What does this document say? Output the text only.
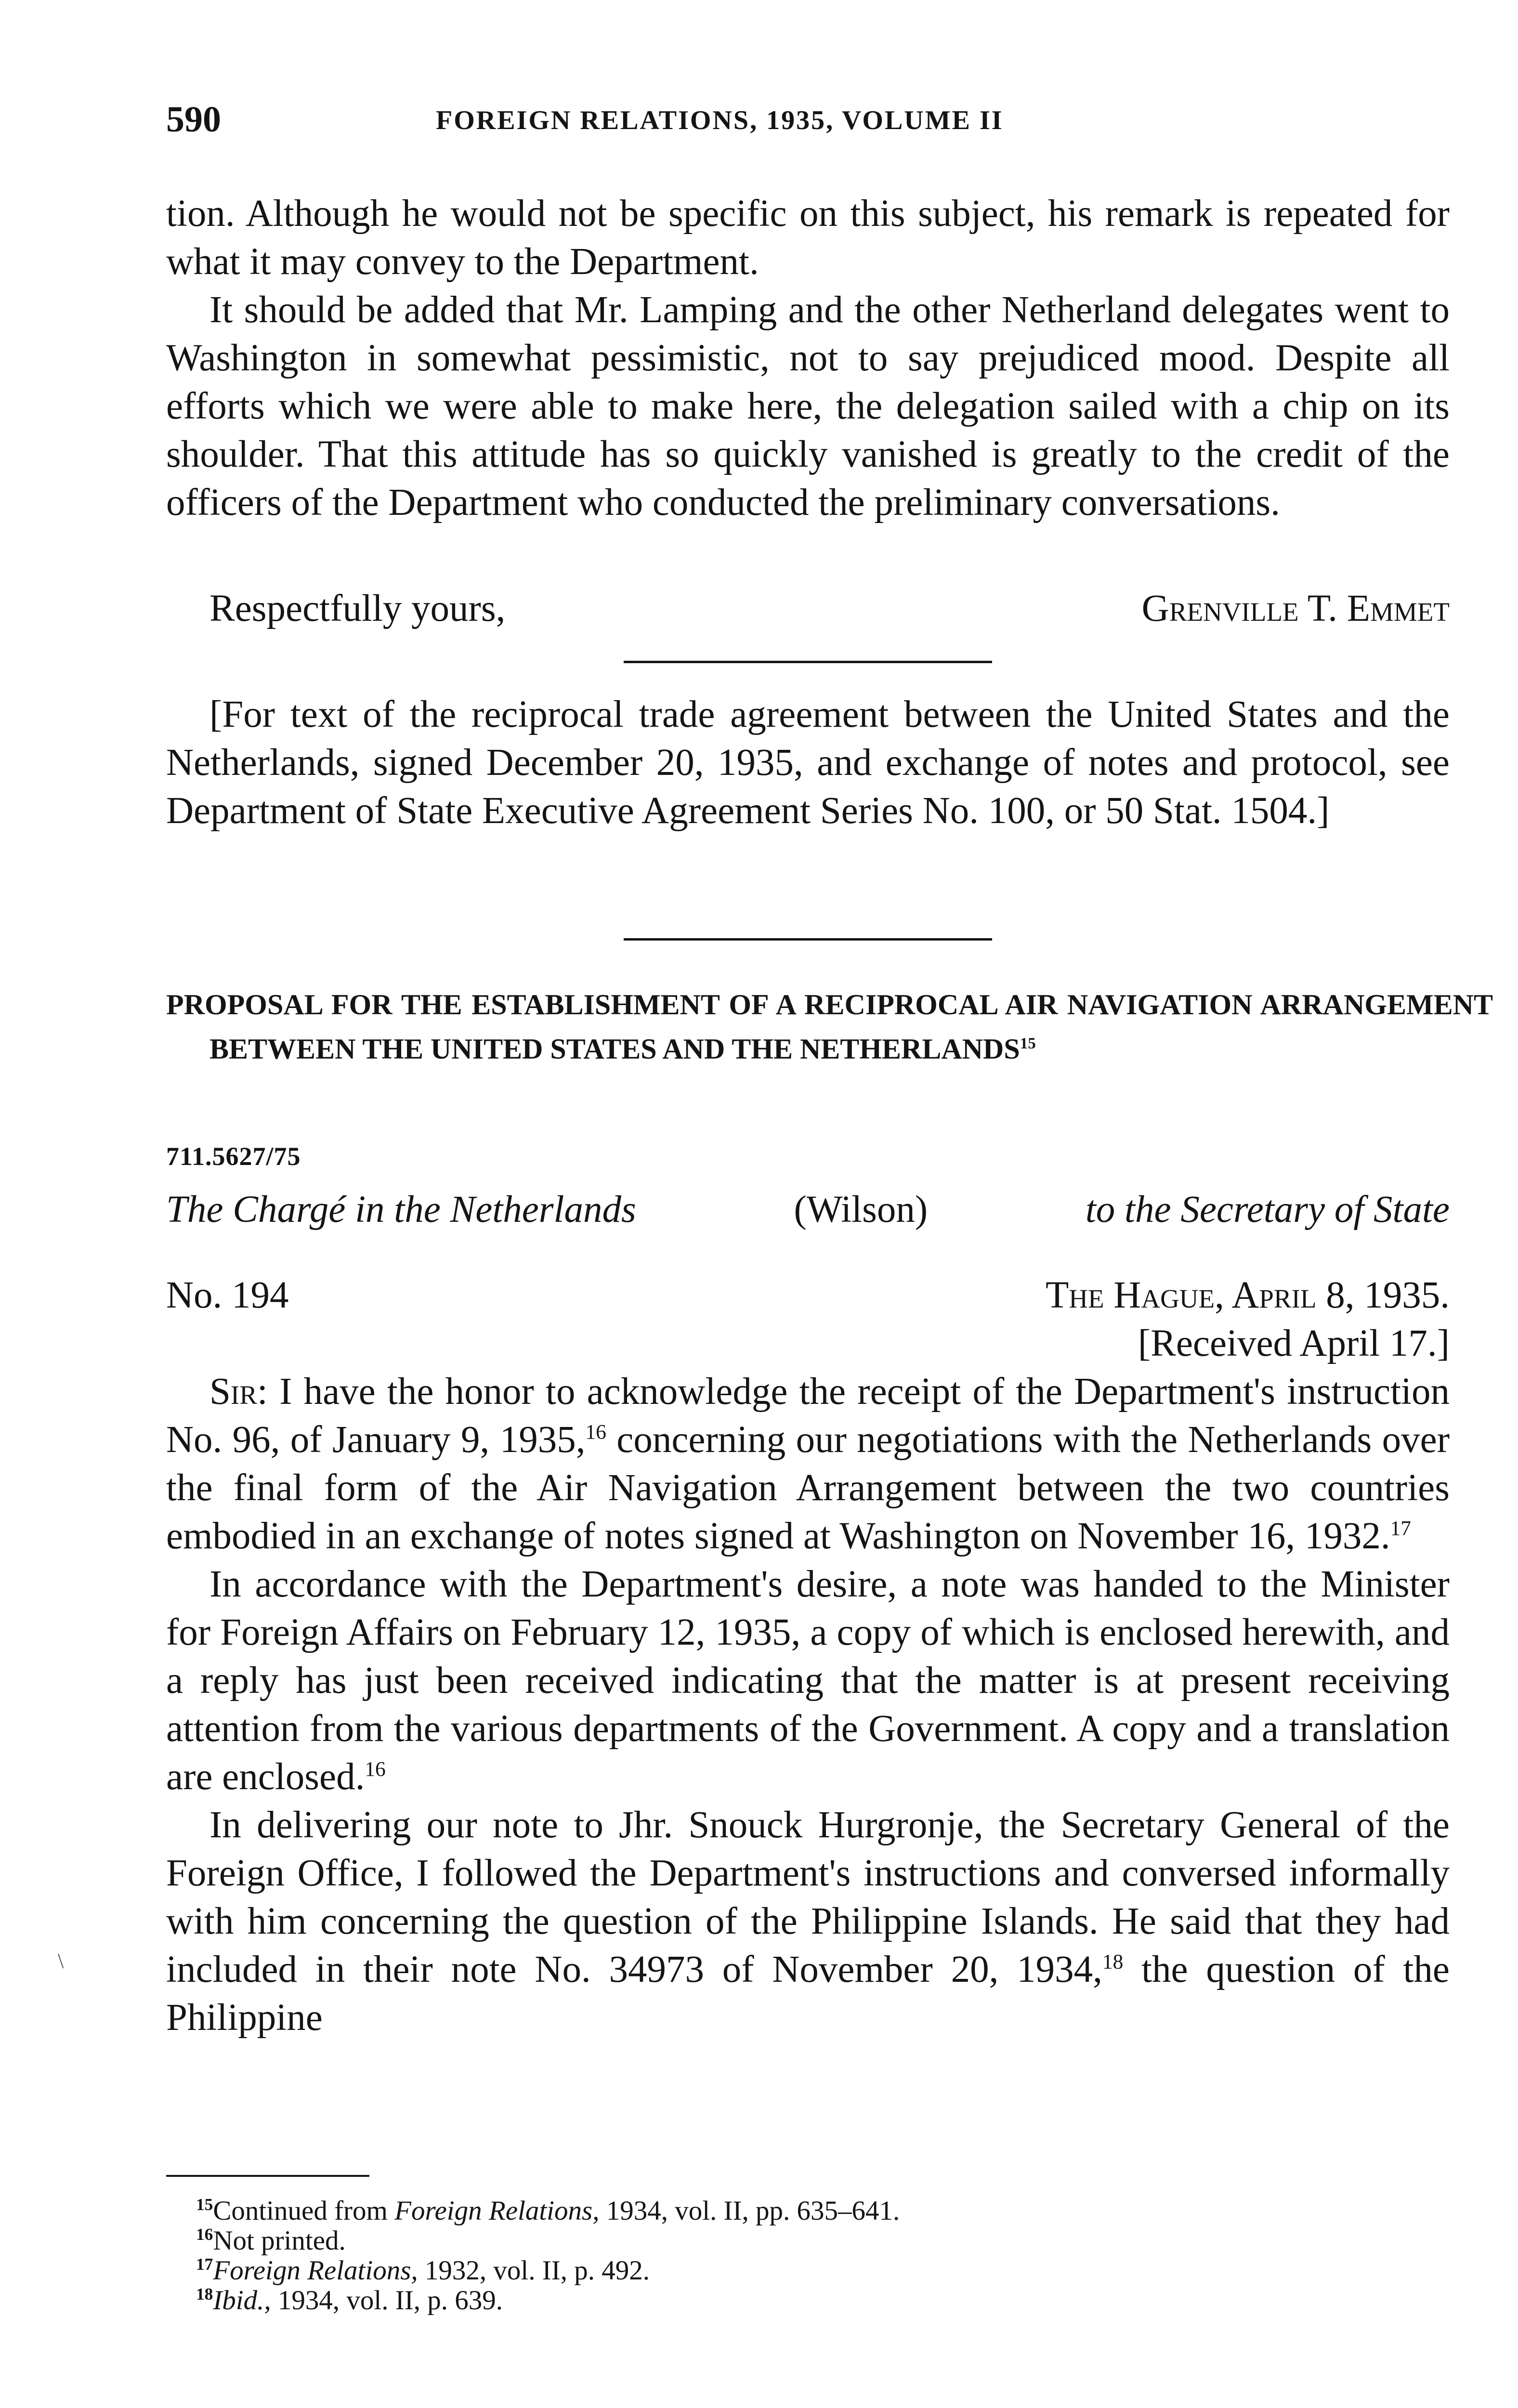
590	FOREIGN RELATIONS, 1935, VOLUME II

tion. Although he would not be specific on this subject, his remark is repeated for what it may convey to the Department.

It should be added that Mr. Lamping and the other Netherland delegates went to Washington in somewhat pessimistic, not to say prejudiced mood. Despite all efforts which we were able to make here, the delegation sailed with a chip on its shoulder. That this attitude has so quickly vanished is greatly to the credit of the officers of the Department who conducted the preliminary conversations.

Respectfully yours,	Grenville T. Emmet

[For text of the reciprocal trade agreement between the United States and the Netherlands, signed December 20, 1935, and exchange of notes and protocol, see Department of State Executive Agreement Series No. 100, or 50 Stat. 1504.]

PROPOSAL FOR THE ESTABLISHMENT OF A RECIPROCAL AIR NAVIGATION ARRANGEMENT BETWEEN THE UNITED STATES AND THE NETHERLANDS$^{15}$
711.5627/75
The Chargé in the Netherlands	(Wilson)	to the Secretary of State
No. 194	The Hague, April 8, 1935.
[Received April 17.]

Sir: I have the honor to acknowledge the receipt of the Department's instruction No. 96, of January 9, 1935,16 concerning our negotiations with the Netherlands over the final form of the Air Navigation Arrangement between the two countries embodied in an exchange of notes signed at Washington on November 16, 1932.17

In accordance with the Department's desire, a note was handed to the Minister for Foreign Affairs on February 12, 1935, a copy of which is enclosed herewith, and a reply has just been received indicating that the matter is at present receiving attention from the various departments of the Government. A copy and a translation are enclosed.$^{16}$

In delivering our note to Jhr. Snouck Hurgronje, the Secretary General of the Foreign Office, I followed the Department's instructions and conversed informally with him concerning the question of the Philippine Islands. He said that they had included in their note No. 34973 of November 20, 1934,18 the question of the Philippine

$^{15}$Continued from Foreign Relations, 1934, vol. II, pp. 635–641.
$^{16}$Not printed.
$^{17}$Foreign Relations, 1932, vol. II, p. 492.
$^{18}$Ibid., 1934, vol. II, p. 639.
\
